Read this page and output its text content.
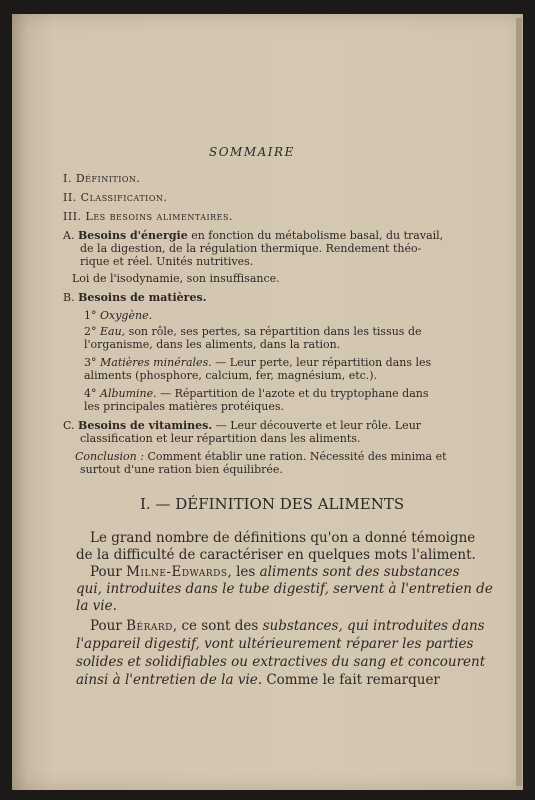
SOMMAIRE
I. Définition.
II. Classification.
III. Les besoins alimentaires.
A. Besoins d'énergie en fonction du métabolisme basal, du travail,
de la digestion, de la régulation thermique. Rendement théo-
rique et réel. Unités nutritives.
Loi de l'isodynamie, son insuffisance.
B. Besoins de matières.
1° Oxygène.
2° Eau, son rôle, ses pertes, sa répartition dans les tissus de
l'organisme, dans les aliments, dans la ration.
3° Matières minérales. — Leur perte, leur répartition dans les
aliments (phosphore, calcium, fer, magnésium, etc.).
4° Albumine. — Répartition de l'azote et du tryptophane dans
les principales matières protéiques.
C. Besoins de vitamines. — Leur découverte et leur rôle. Leur
classification et leur répartition dans les aliments.
Conclusion : Comment établir une ration. Nécessité des minima et
surtout d'une ration bien équilibrée.
I. — DÉFINITION DES ALIMENTS
Le grand nombre de définitions qu'on a donné témoigne
de la difficulté de caractériser en quelques mots l'aliment.
Pour Milne-Edwards, les aliments sont des substances
qui, introduites dans le tube digestif, servent à l'entretien de
la vie.
Pour Bérard, ce sont des substances, qui introduites dans
l'appareil digestif, vont ultérieurement réparer les parties
solides et solidifiables ou extractives du sang et concourent
ainsi à l'entretien de la vie. Comme le fait remarquer
